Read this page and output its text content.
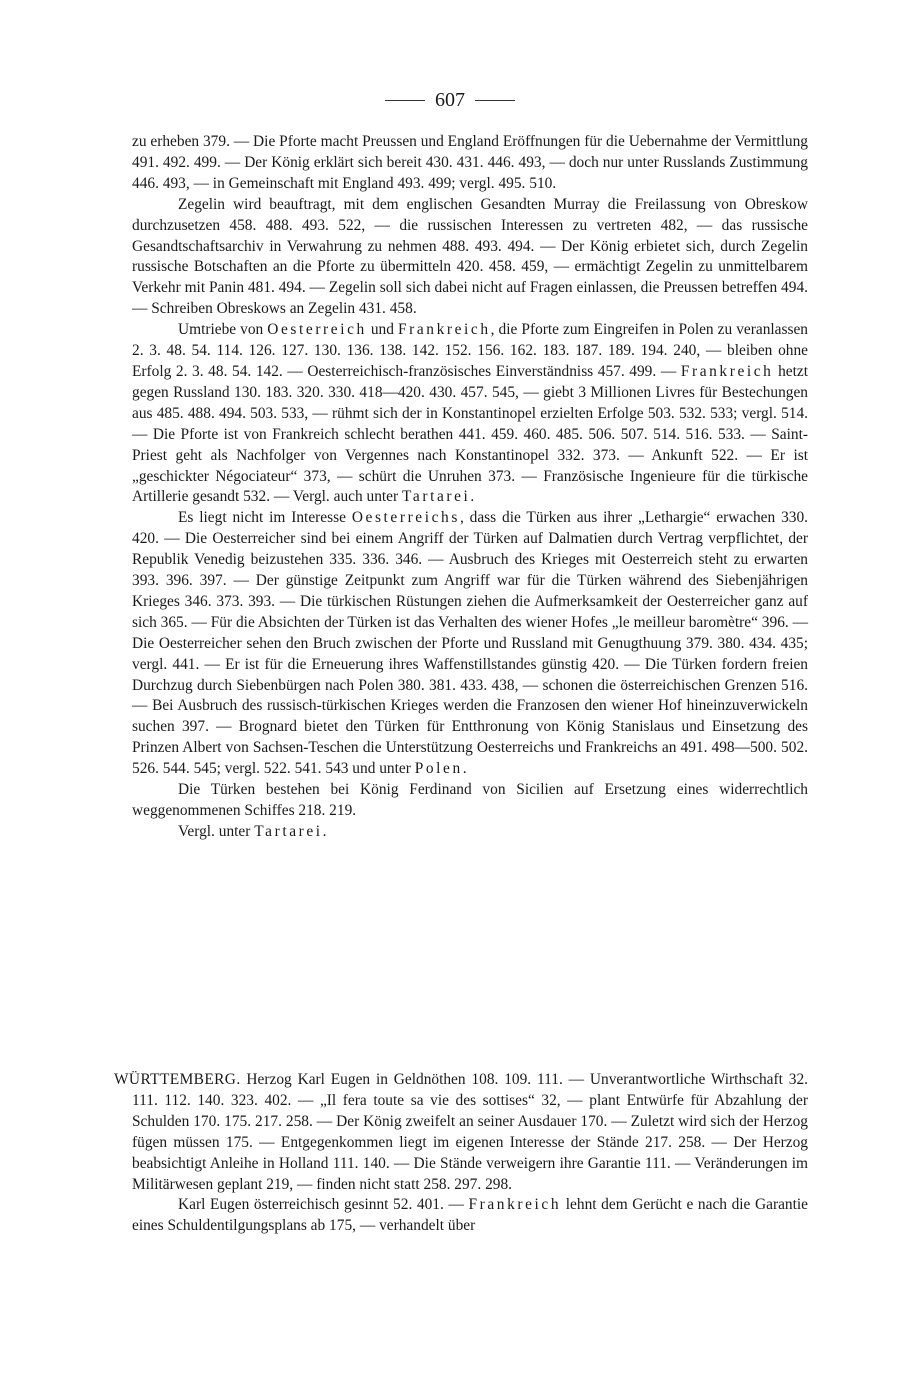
607

zu erheben 379. — Die Pforte macht Preussen und England Eröffnungen für die Uebernahme der Vermittlung 491. 492. 499. — Der König erklärt sich bereit 430. 431. 446. 493, — doch nur unter Russlands Zustimmung 446. 493, — in Gemeinschaft mit England 493. 499; vergl. 495. 510.

Zegelin wird beauftragt, mit dem englischen Gesandten Murray die Freilassung von Obreskow durchzusetzen 458. 488. 493. 522, — die russischen Interessen zu vertreten 482, — das russische Gesandtschaftsarchiv in Verwahrung zu nehmen 488. 493. 494. — Der König erbietet sich, durch Zegelin russische Botschaften an die Pforte zu übermitteln 420. 458. 459, — ermächtigt Zegelin zu unmittelbarem Verkehr mit Panin 481. 494. — Zegelin soll sich dabei nicht auf Fragen einlassen, die Preussen betreffen 494. — Schreiben Obreskows an Zegelin 431. 458.

Umtriebe von Oesterreich und Frankreich, die Pforte zum Eingreifen in Polen zu veranlassen 2. 3. 48. 54. 114. 126. 127. 130. 136. 138. 142. 152. 156. 162. 183. 187. 189. 194. 240, — bleiben ohne Erfolg 2. 3. 48. 54. 142. — Oesterreichisch-französisches Einverständniss 457. 499. — Frankreich hetzt gegen Russland 130. 183. 320. 330. 418—420. 430. 457. 545, — giebt 3 Millionen Livres für Bestechungen aus 485. 488. 494. 503. 533, — rühmt sich der in Konstantinopel erzielten Erfolge 503. 532. 533; vergl. 514. — Die Pforte ist von Frankreich schlecht berathen 441. 459. 460. 485. 506. 507. 514. 516. 533. — Saint-Priest geht als Nachfolger von Vergennes nach Konstantinopel 332. 373. — Ankunft 522. — Er ist „geschickter Négociateur“ 373, — schürt die Unruhen 373. — Französische Ingenieure für die türkische Artillerie gesandt 532. — Vergl. auch unter Tartarei.

Es liegt nicht im Interesse Oesterreichs, dass die Türken aus ihrer „Lethargie“ erwachen 330. 420. — Die Oesterreicher sind bei einem Angriff der Türken auf Dalmatien durch Vertrag verpflichtet, der Republik Venedig beizustehen 335. 336. 346. — Ausbruch des Krieges mit Oesterreich steht zu erwarten 393. 396. 397. — Der günstige Zeitpunkt zum Angriff war für die Türken während des Siebenjährigen Krieges 346. 373. 393. — Die türkischen Rüstungen ziehen die Aufmerksamkeit der Oesterreicher ganz auf sich 365. — Für die Absichten der Türken ist das Verhalten des wiener Hofes „le meilleur baromètre“ 396. — Die Oesterreicher sehen den Bruch zwischen der Pforte und Russland mit Genugthuung 379. 380. 434. 435; vergl. 441. — Er ist für die Erneuerung ihres Waffenstillstandes günstig 420. — Die Türken fordern freien Durchzug durch Siebenbürgen nach Polen 380. 381. 433. 438, — schonen die österreichischen Grenzen 516. — Bei Ausbruch des russisch-türkischen Krieges werden die Franzosen den wiener Hof hineinzuverwickeln suchen 397. — Brognard bietet den Türken für Entthronung von König Stanislaus und Einsetzung des Prinzen Albert von Sachsen-Teschen die Unterstützung Oesterreichs und Frankreichs an 491. 498—500. 502. 526. 544. 545; vergl. 522. 541. 543 und unter Polen.

Die Türken bestehen bei König Ferdinand von Sicilien auf Ersetzung eines widerrechtlich weggenommenen Schiffes 218. 219.

Vergl. unter Tartarei.

WÜRTTEMBERG. Herzog Karl Eugen in Geldnöthen 108. 109. 111. — Unverantwortliche Wirthschaft 32. 111. 112. 140. 323. 402. — „Il fera toute sa vie des sottises“ 32, — plant Entwürfe für Abzahlung der Schulden 170. 175. 217. 258. — Der König zweifelt an seiner Ausdauer 170. — Zuletzt wird sich der Herzog fügen müssen 175. — Entgegenkommen liegt im eigenen Interesse der Stände 217. 258. — Der Herzog beabsichtigt Anleihe in Holland 111. 140. — Die Stände verweigern ihre Garantie 111. — Veränderungen im Militärwesen geplant 219, — finden nicht statt 258. 297. 298.

Karl Eugen österreichisch gesinnt 52. 401. — Frankreich lehnt dem Gerücht e nach die Garantie eines Schuldentilgungsplans ab 175, — verhandelt über
